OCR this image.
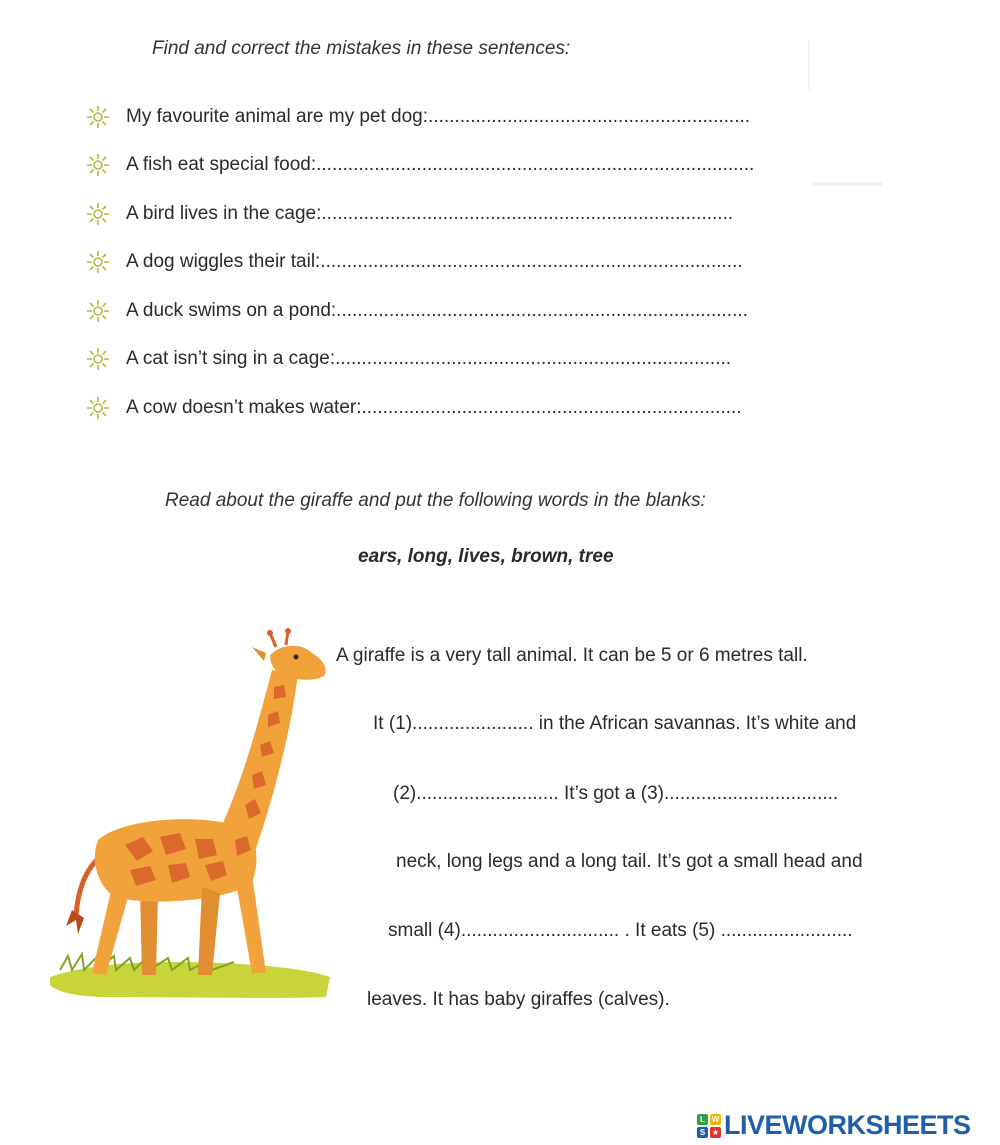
Find and correct the mistakes in these sentences:
My favourite animal are my pet dog:.............................................................
A fish eat special food:...................................................................................
A bird lives in the cage:..............................................................................
A dog wiggles their tail:................................................................................
A duck swims on a pond:..............................................................................
A cat isn’t sing in a cage:...........................................................................
A cow doesn’t makes water:........................................................................
Read about the giraffe and put the following words in the blanks:
ears, long, lives, brown, tree
A giraffe is a very tall animal. It can be 5 or 6 metres tall.
It (1)....................... in the African savannas. It’s white and
(2)........................... It’s got a (3).................................
neck, long legs and a long tail. It’s got a small head and
small (4).............................. . It eats (5) .........................
leaves. It has baby giraffes (calves).
L W
S ★ LIVEWORKSHEETS
